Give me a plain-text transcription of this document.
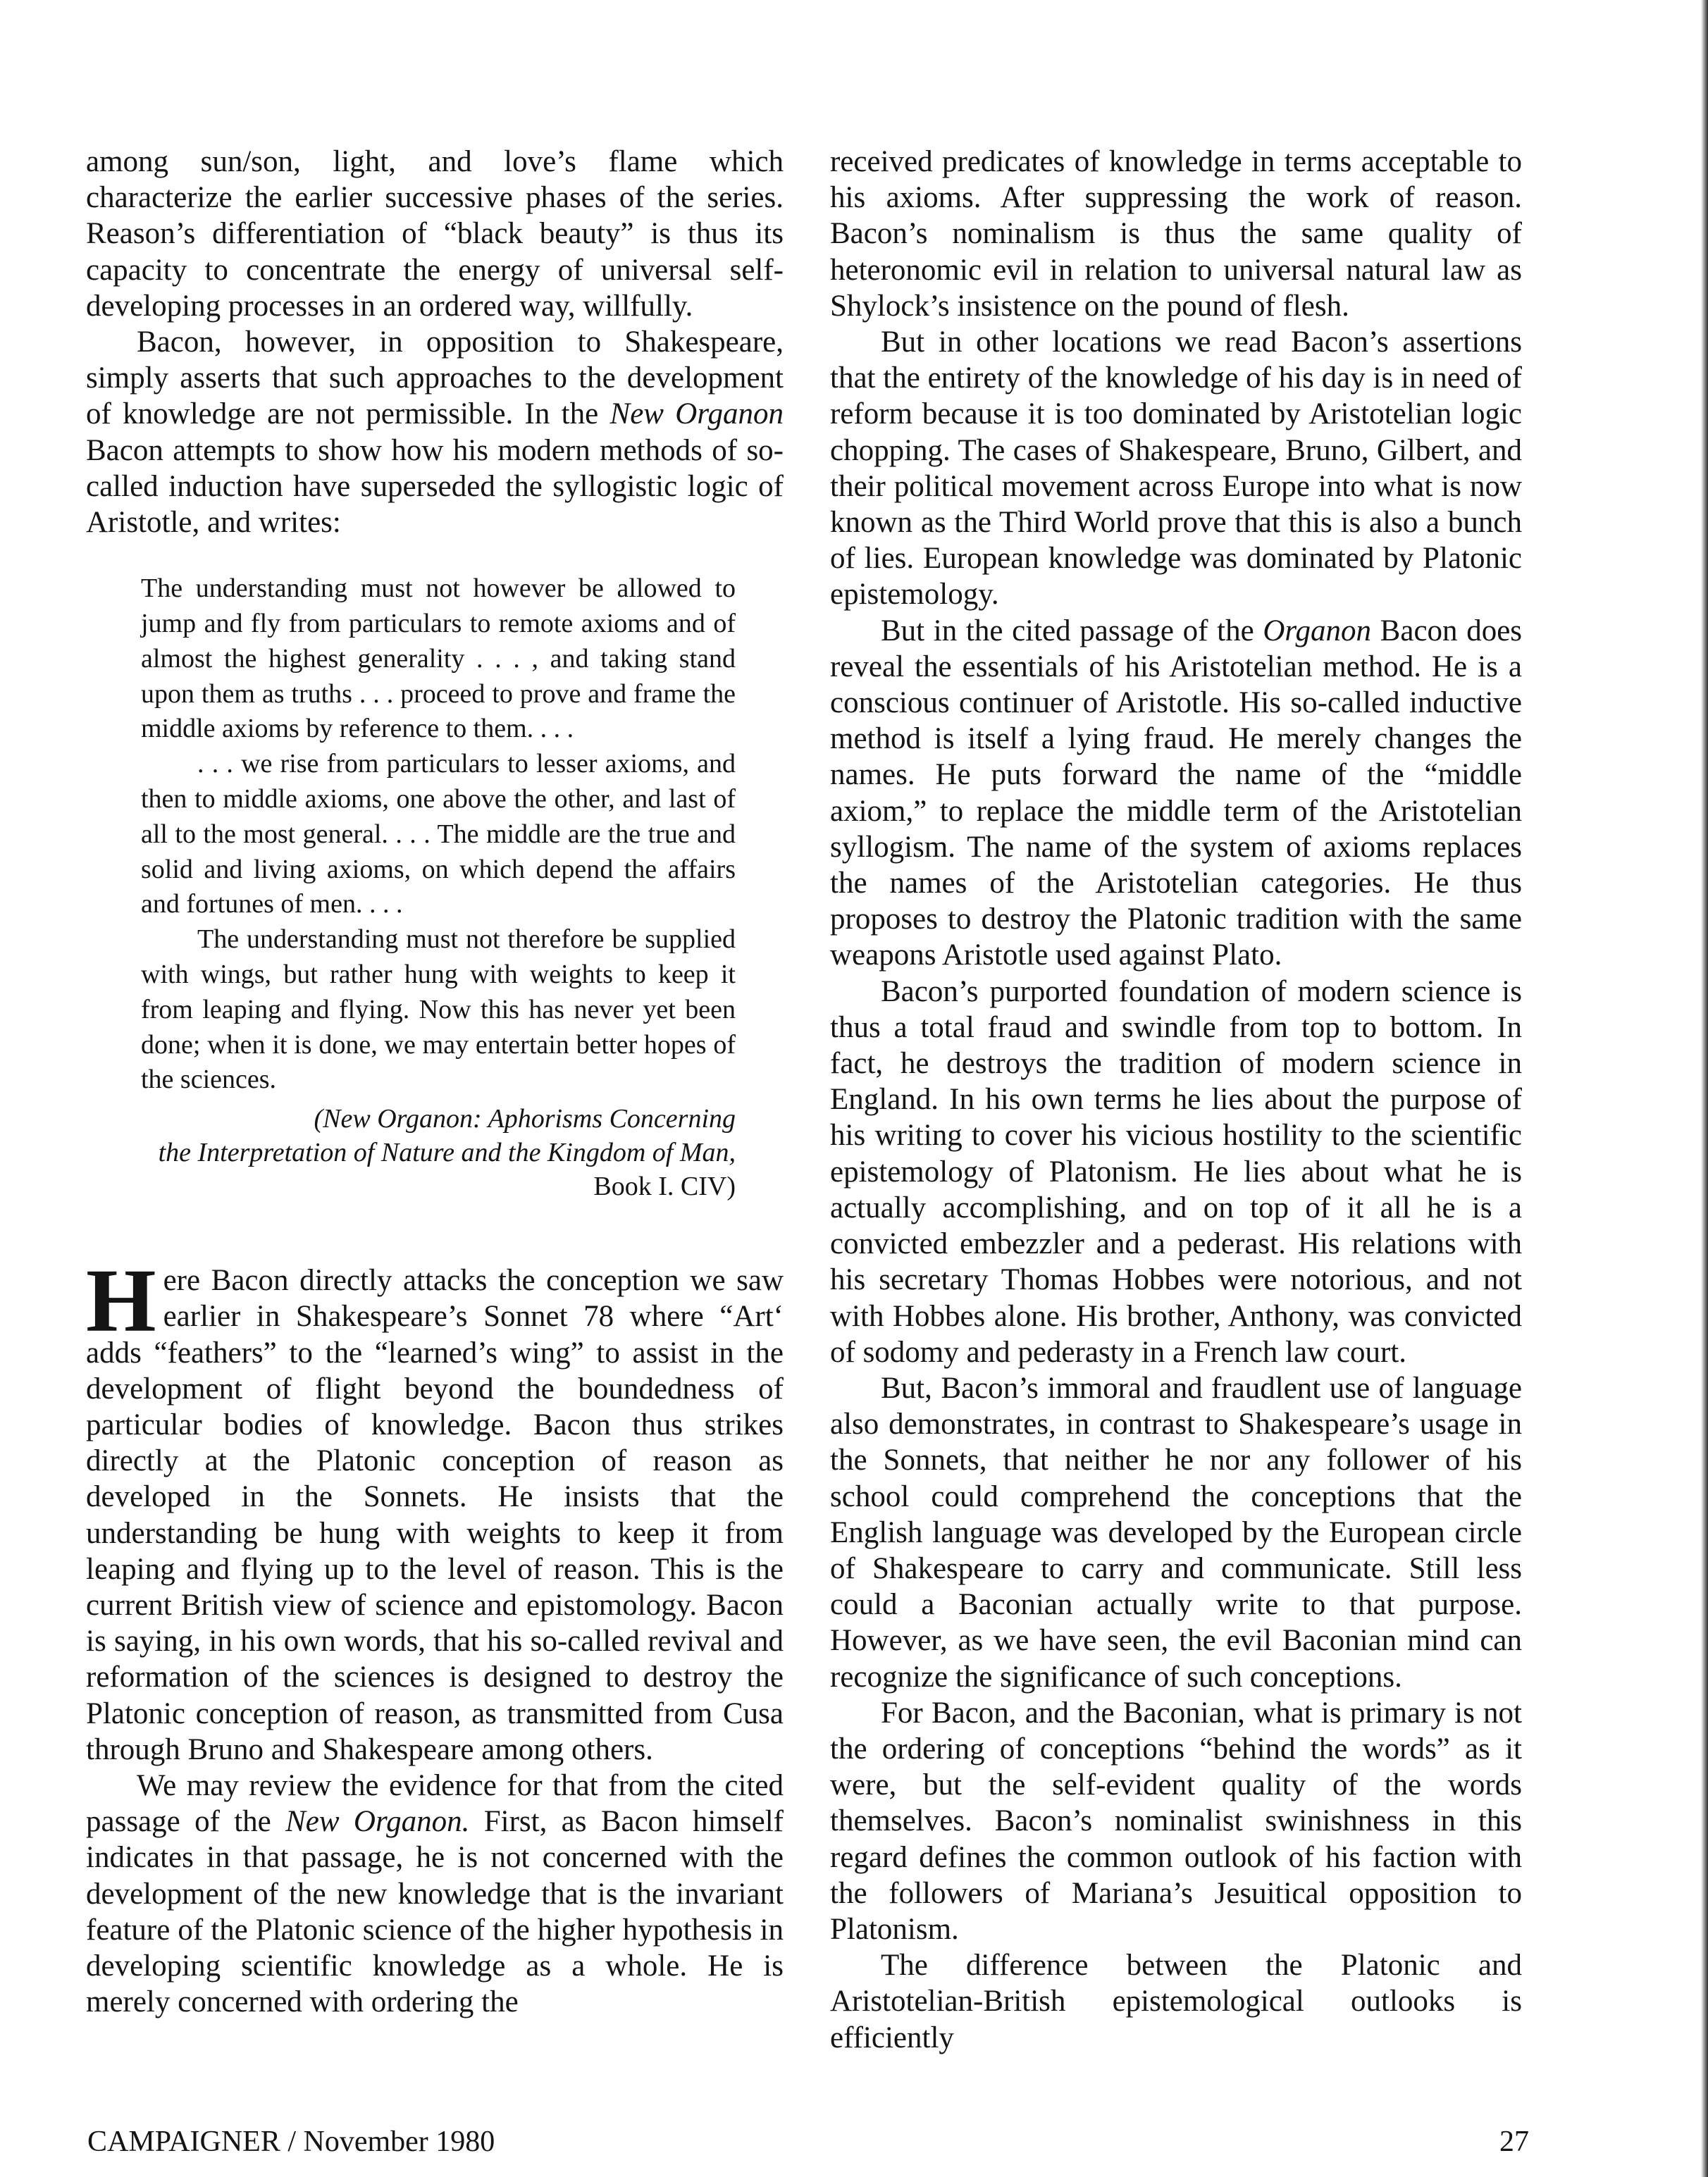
among sun/son, light, and love’s flame which characterize the earlier successive phases of the series. Reason’s differentiation of “black beauty” is thus its capacity to concentrate the energy of universal self-developing processes in an ordered way, willfully.

Bacon, however, in opposition to Shakespeare, simply asserts that such approaches to the development of knowledge are not permissible. In the New Organon Bacon attempts to show how his modern methods of so-called induction have superseded the syllogistic logic of Aristotle, and writes:

The understanding must not however be allowed to jump and fly from particulars to remote axioms and of almost the highest generality . . . , and taking stand upon them as truths . . . proceed to prove and frame the middle axioms by reference to them. . . .

. . . we rise from particulars to lesser axioms, and then to middle axioms, one above the other, and last of all to the most general. . . . The middle are the true and solid and living axioms, on which depend the affairs and fortunes of men. . . .

The understanding must not therefore be supplied with wings, but rather hung with weights to keep it from leaping and flying. Now this has never yet been done; when it is done, we may entertain better hopes of the sciences.

(New Organon: Aphorisms Concerning
the Interpretation of Nature and the Kingdom of Man,
Book I. CIV)

Here Bacon directly attacks the conception we saw earlier in Shakespeare’s Sonnet 78 where “Art‘ adds “feathers” to the “learned’s wing” to assist in the development of flight beyond the boundedness of particular bodies of knowledge. Bacon thus strikes directly at the Platonic conception of reason as developed in the Sonnets. He insists that the understanding be hung with weights to keep it from leaping and flying up to the level of reason. This is the current British view of science and epistomology. Bacon is saying, in his own words, that his so-called revival and reformation of the sciences is designed to destroy the Platonic conception of reason, as transmitted from Cusa through Bruno and Shakespeare among others.

We may review the evidence for that from the cited passage of the New Organon. First, as Bacon himself indicates in that passage, he is not concerned with the development of the new knowledge that is the invariant feature of the Platonic science of the higher hypothesis in developing scientific knowledge as a whole. He is merely concerned with ordering the

received predicates of knowledge in terms acceptable to his axioms. After suppressing the work of reason. Bacon’s nominalism is thus the same quality of heteronomic evil in relation to universal natural law as Shylock’s insistence on the pound of flesh.

But in other locations we read Bacon’s assertions that the entirety of the knowledge of his day is in need of reform because it is too dominated by Aristotelian logic chopping. The cases of Shakespeare, Bruno, Gilbert, and their political movement across Europe into what is now known as the Third World prove that this is also a bunch of lies. European knowledge was dominated by Platonic epistemology.

But in the cited passage of the Organon Bacon does reveal the essentials of his Aristotelian method. He is a conscious continuer of Aristotle. His so-called inductive method is itself a lying fraud. He merely changes the names. He puts forward the name of the “middle axiom,” to replace the middle term of the Aristotelian syllogism. The name of the system of axioms replaces the names of the Aristotelian categories. He thus proposes to destroy the Platonic tradition with the same weapons Aristotle used against Plato.

Bacon’s purported foundation of modern science is thus a total fraud and swindle from top to bottom. In fact, he destroys the tradition of modern science in England. In his own terms he lies about the purpose of his writing to cover his vicious hostility to the scientific epistemology of Platonism. He lies about what he is actually accomplishing, and on top of it all he is a convicted embezzler and a pederast. His relations with his secretary Thomas Hobbes were notorious, and not with Hobbes alone. His brother, Anthony, was convicted of sodomy and pederasty in a French law court.

But, Bacon’s immoral and fraudlent use of language also demonstrates, in contrast to Shakespeare’s usage in the Sonnets, that neither he nor any follower of his school could comprehend the conceptions that the English language was developed by the European circle of Shakespeare to carry and communicate. Still less could a Baconian actually write to that purpose. However, as we have seen, the evil Baconian mind can recognize the significance of such conceptions.

For Bacon, and the Baconian, what is primary is not the ordering of conceptions “behind the words” as it were, but the self-evident quality of the words themselves. Bacon’s nominalist swinishness in this regard defines the common outlook of his faction with the followers of Mariana’s Jesuitical opposition to Platonism.

The difference between the Platonic and Aristotelian-British epistemological outlooks is efficiently

CAMPAIGNER / November 1980	27
